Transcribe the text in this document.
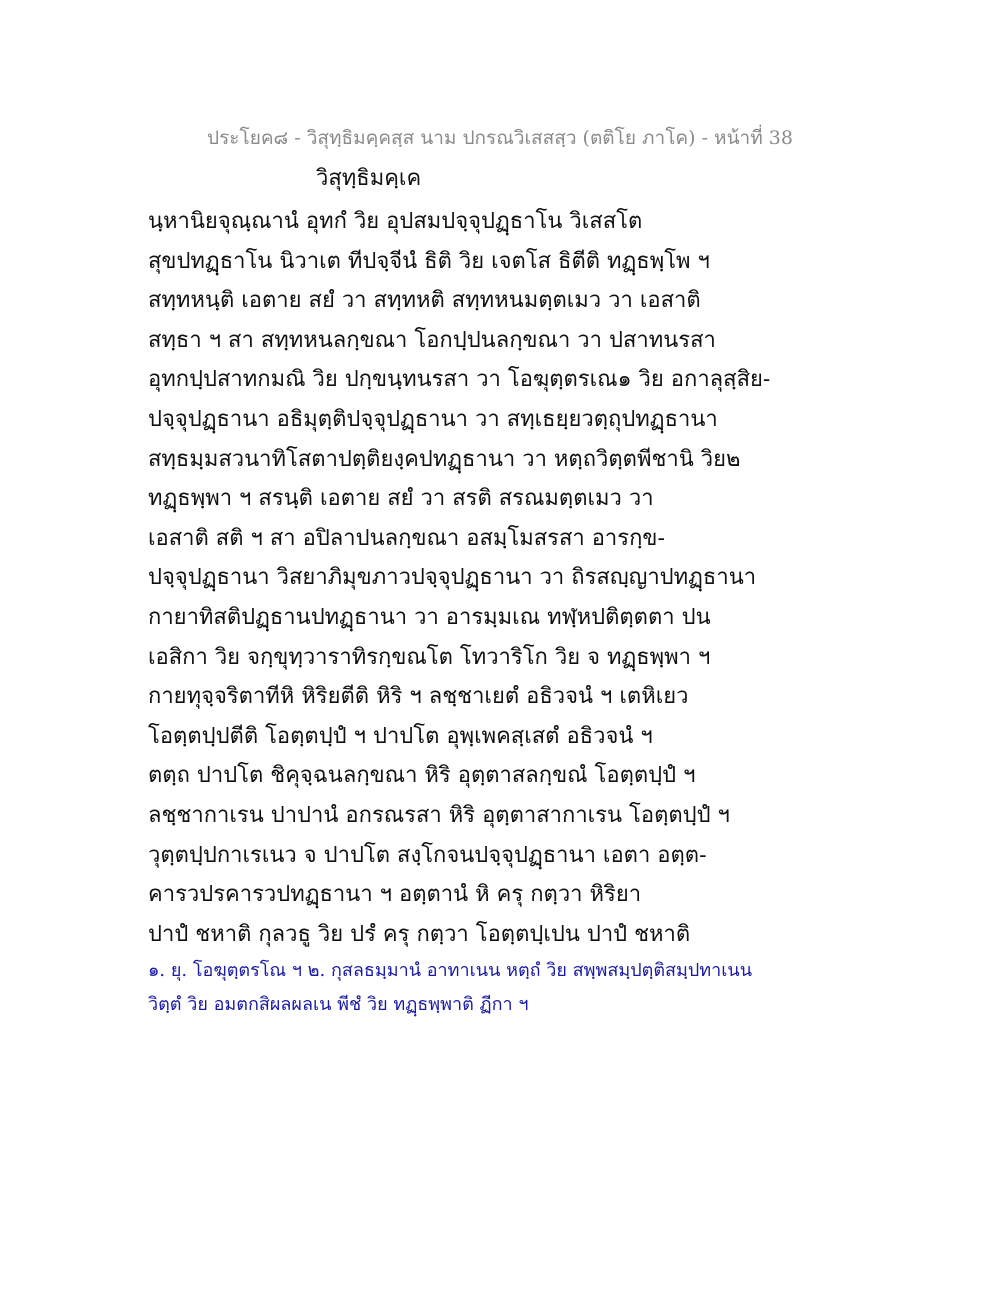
ประโยค๘ - วิสุทฺธิมคฺคสฺส นาม ปกรณวิเสสสฺว (ตติโย ภาโค) - หน้าที่ 38
วิสุทฺธิมคฺเค
นฺหานิยจุณฺณานํ อุทกํ วิย อุปสมปจฺจุปฏฺธาโน วิเสสโต
สุขปทฏฺธาโน นิวาเต ทีปจฺจีนํ ธิติ วิย เจตโส ธิตีติ ทฏฺธพฺโพ ฯ
สทฺทหนฺติ เอตาย สยํ วา สทฺทหติ สทฺทหนมตฺตเมว วา เอสาติ
สทฺธา ฯ สา สทฺทหนลกฺขณา โอกปฺปนลกฺขณา วา ปสาทนรสา
อุทกปฺปสาทกมณิ วิย ปกฺขนฺทนรสา วา โอฆุตฺตรเณ๑ วิย อกาลุสฺสิย-
ปจฺจุปฏฺธานา อธิมุตฺติปจฺจุปฏฺธานา วา สทฺเธยฺยวตฺถุปทฏฺธานา
สทฺธมฺมสวนาทิโสตาปตฺติยงฺคปทฏฺธานา วา หตฺถวิตฺตพีชานิ วิย๒
ทฏฺธพฺพา ฯ สรนฺติ เอตาย สยํ วา สรติ สรณมตฺตเมว วา
เอสาติ สติ ฯ สา อปิลาปนลกฺขณา อสมฺโมสรสา อารกฺข-
ปจฺจุปฏฺธานา วิสยาภิมุขภาวปจฺจุปฏฺธานา วา ถิรสญฺญาปทฏฺธานา
กายาทิสติปฏฺธานปทฏฺธานา วา อารมฺมเณ ทฬฺหปติตฺตตา ปน
เอสิกา วิย จกฺขุทฺวาราทิรกฺขณโต โทวาริโก วิย จ ทฏฺธพฺพา ฯ
กายทุจฺจริตาทีหิ หิริยตีติ หิริ ฯ ลชฺชาเยตํ อธิวจนํ ฯ เตหิเยว
โอตฺตปฺปตีติ โอตฺตปฺปํ ฯ ปาปโต อุพฺเพคสฺเสตํ อธิวจนํ ฯ
ตตฺถ ปาปโต ชิคุจฺฉนลกฺขณา หิริ อุตฺตาสลกฺขณํ โอตฺตปฺปํ ฯ
ลชฺชากาเรน ปาปานํ อกรณรสา หิริ อุตฺตาสากาเรน โอตฺตปฺปํ ฯ
วุตฺตปฺปกาเรเนว จ ปาปโต สงฺโกจนปจฺจุปฏฺธานา เอตา อตฺต-
คารวปรคารวปทฏฺธานา ฯ อตฺตานํ หิ ครุ กตฺวา หิริยา
ปาปํ ชหาติ กุลวธู วิย ปรํ ครุ กตฺวา โอตฺตปฺเปน ปาปํ ชหาติ
๑. ยุ. โอฆุตฺตรโณ ฯ ๒. กุสลธมฺมานํ อาทาเนน หตฺถํ วิย สพฺพสมฺปตฺติสมฺปทาเนน
วิตฺตํ วิย อมตกสิผลผลเน พีชํ วิย ทฏฺธพฺพาติ ฏีกา ฯ
